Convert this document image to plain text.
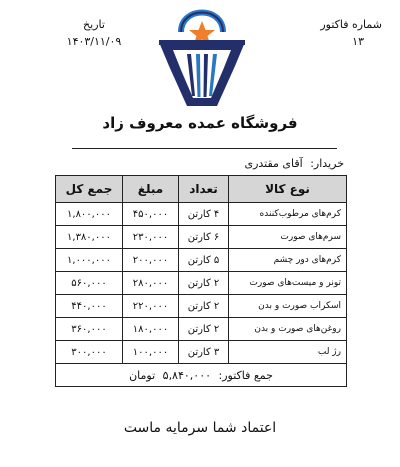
شماره فاکتور
۱۳
تاریخ
۱۴۰۳/۱۱/۰۹
فروشگاه عمده معروف زاد
خریدار: آقای مقتدری
نوع کالا	تعداد	مبلغ	جمع کل
کرم‌های مرطوب‌کننده	۴ کارتن	۴۵۰,۰۰۰	۱,۸۰۰,۰۰۰
سرم‌های صورت	۶ کارتن	۲۳۰,۰۰۰	۱,۳۸۰,۰۰۰
کرم‌های دور چشم	۵ کارتن	۲۰۰,۰۰۰	۱,۰۰۰,۰۰۰
تونر و میست‌های صورت	۲ کارتن	۲۸۰,۰۰۰	۵۶۰,۰۰۰
اسکراب صورت و بدن	۲ کارتن	۲۲۰,۰۰۰	۴۴۰,۰۰۰
روغن‌های صورت و بدن	۲ کارتن	۱۸۰,۰۰۰	۳۶۰,۰۰۰
رژ لب	۳ کارتن	۱۰۰,۰۰۰	۳۰۰,۰۰۰
جمع فاکتور: ۵,۸۴۰,۰۰۰ تومان			
اعتماد شما سرمایه ماست
